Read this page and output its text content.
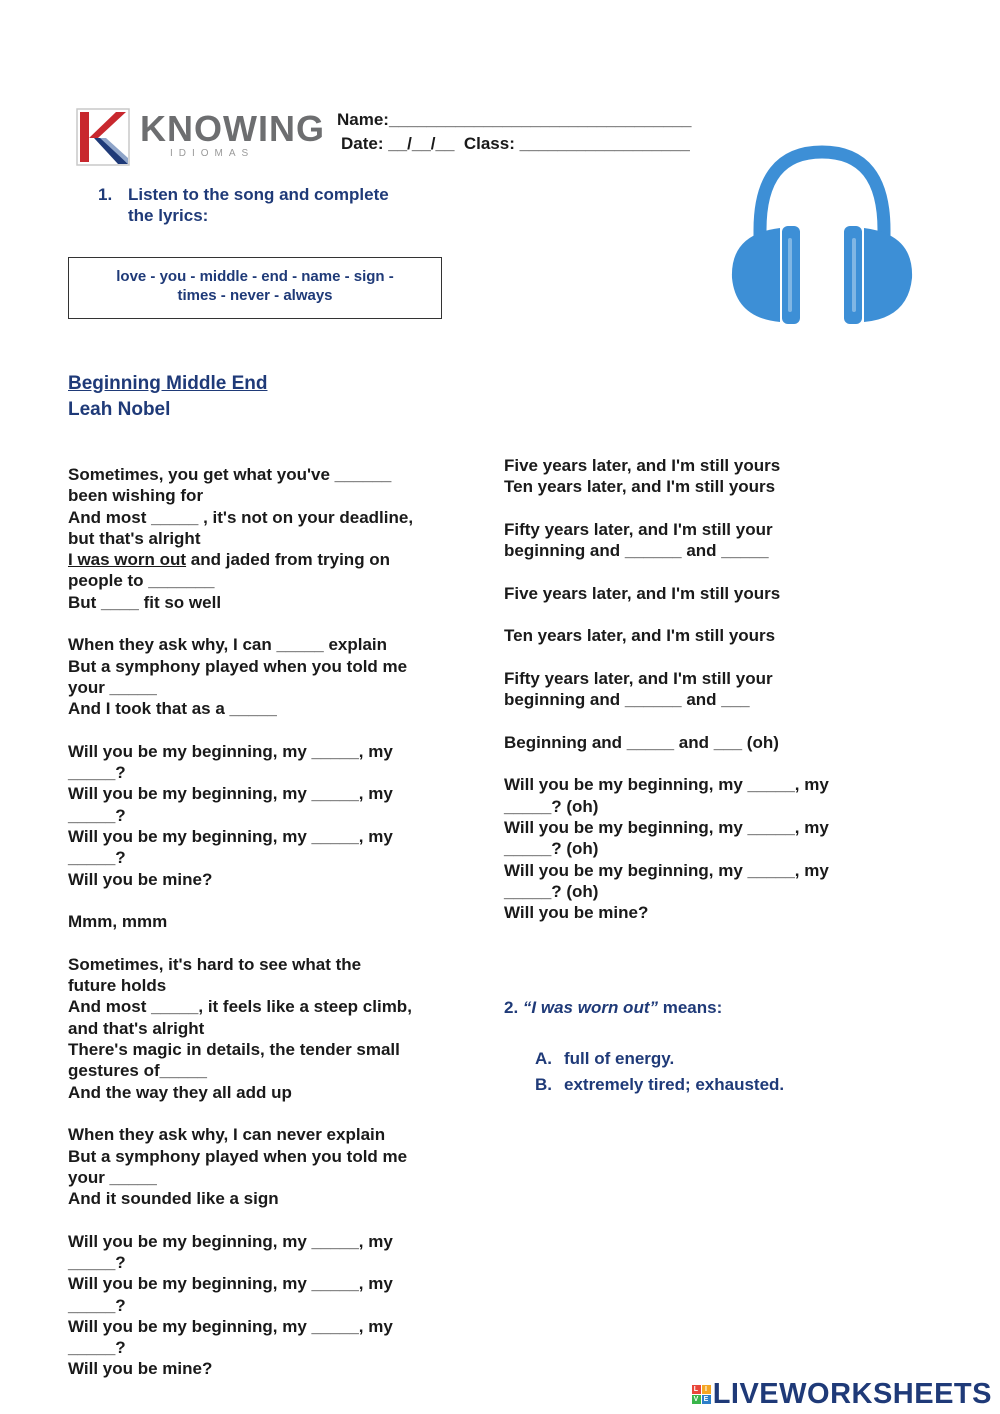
KNOWING
IDIOMAS
Name:________________________________
Date: __/__/__  Class: __________________
1. Listen to the song and complete
the lyrics:
love - you - middle - end - name - sign -
times - never - always
Beginning Middle End
Leah Nobel
Sometimes, you get what you've ______
been wishing for
And most _____ , it's not on your deadline,
but that's alright
I was worn out and jaded from trying on
people to _______
But ____ fit so well
When they ask why, I can _____ explain
But a symphony played when you told me
your _____
And I took that as a _____
Will you be my beginning, my _____, my
_____?
Will you be my beginning, my _____, my
_____?
Will you be my beginning, my _____, my
_____?
Will you be mine?
Mmm, mmm
Sometimes, it's hard to see what the
future holds
And most _____, it feels like a steep climb,
and that's alright
There's magic in details, the tender small
gestures of_____
And the way they all add up
When they ask why, I can never explain
But a symphony played when you told me
your _____
And it sounded like a sign
Will you be my beginning, my _____, my
_____?
Will you be my beginning, my _____, my
_____?
Will you be my beginning, my _____, my
_____?
Will you be mine?
Five years later, and I'm still yours
Ten years later, and I'm still yours
Fifty years later, and I'm still your
beginning and ______ and _____
Five years later, and I'm still yours
Ten years later, and I'm still yours
Fifty years later, and I'm still your
beginning and ______ and ___
Beginning and _____ and ___ (oh)
Will you be my beginning, my _____, my
_____? (oh)
Will you be my beginning, my _____, my
_____? (oh)
Will you be my beginning, my _____, my
_____? (oh)
Will you be mine?
2. “I was worn out” means:
A. full of energy.
B. extremely tired; exhausted.
L I
V E LIVEWORKSHEETS
